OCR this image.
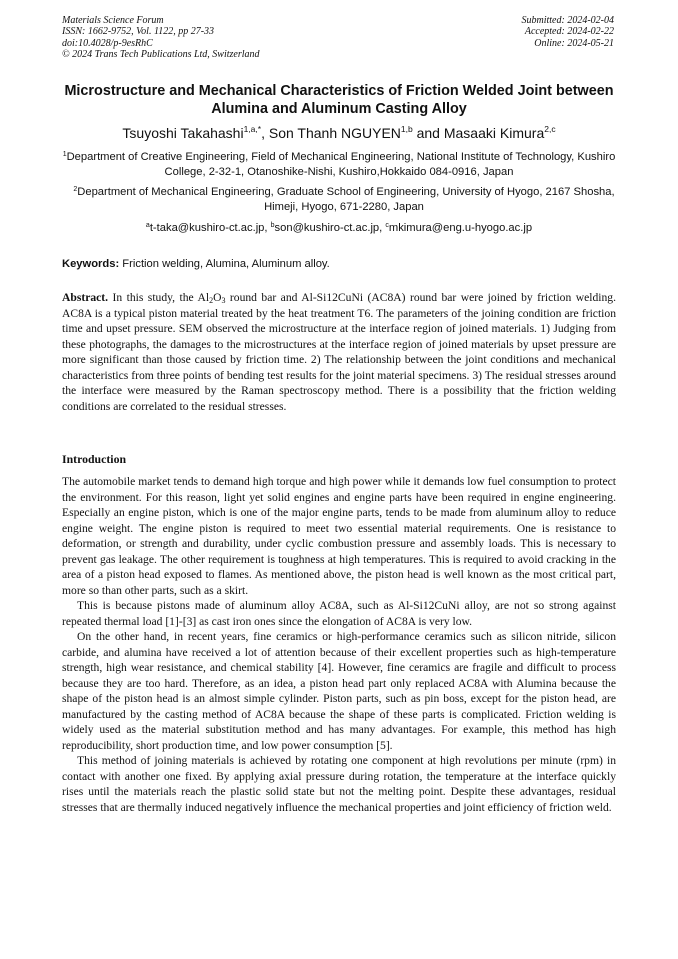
Materials Science Forum
ISSN: 1662-9752, Vol. 1122, pp 27-33
doi:10.4028/p-9esRhC
© 2024 Trans Tech Publications Ltd, Switzerland
Submitted: 2024-02-04
Accepted: 2024-02-22
Online: 2024-05-21
Microstructure and Mechanical Characteristics of Friction Welded Joint between Alumina and Aluminum Casting Alloy
Tsuyoshi Takahashi$^{1,a,*}$, Son Thanh NGUYEN$^{1,b}$ and Masaaki Kimura$^{2,c}$
$^1$Department of Creative Engineering, Field of Mechanical Engineering, National Institute of Technology, Kushiro College, 2-32-1, Otanoshike-Nishi, Kushiro,Hokkaido 084-0916, Japan
$^2$Department of Mechanical Engineering, Graduate School of Engineering, University of Hyogo, 2167 Shosha, Himeji, Hyogo, 671-2280, Japan
$^a$t-taka@kushiro-ct.ac.jp, $^b$son@kushiro-ct.ac.jp, $^c$mkimura@eng.u-hyogo.ac.jp
Keywords: Friction welding, Alumina, Aluminum alloy.
Abstract. In this study, the $Al_2O_3$ round bar and Al-Si12CuNi (AC8A) round bar were joined by friction welding. AC8A is a typical piston material treated by the heat treatment T6. The parameters of the joining condition are friction time and upset pressure. SEM observed the microstructure at the interface region of joined materials. 1) Judging from these photographs, the damages to the microstructures at the interface region of joined materials by upset pressure are more significant than those caused by friction time. 2) The relationship between the joint conditions and mechanical characteristics from three points of bending test results for the joint material specimens. 3) The residual stresses around the interface were measured by the Raman spectroscopy method. There is a possibility that the friction welding conditions are correlated to the residual stresses.
Introduction

The automobile market tends to demand high torque and high power while it demands low fuel consumption to protect the environment. For this reason, light yet solid engines and engine parts have been required in engine engineering. Especially an engine piston, which is one of the major engine parts, tends to be made from aluminum alloy to reduce engine weight. The engine piston is required to meet two essential material requirements. One is resistance to deformation, or strength and durability, under cyclic combustion pressure and assembly loads. This is necessary to prevent gas leakage. The other requirement is toughness at high temperatures. This is required to avoid cracking in the area of a piston head exposed to flames. As mentioned above, the piston head is well known as the most critical part, more so than other parts, such as a skirt.

This is because pistons made of aluminum alloy AC8A, such as Al-Si12CuNi alloy, are not so strong against repeated thermal load [1]-[3] as cast iron ones since the elongation of AC8A is very low.

On the other hand, in recent years, fine ceramics or high-performance ceramics such as silicon nitride, silicon carbide, and alumina have received a lot of attention because of their excellent properties such as high-temperature strength, high wear resistance, and chemical stability [4]. However, fine ceramics are fragile and difficult to process because they are too hard. Therefore, as an idea, a piston head part only replaced AC8A with Alumina because the shape of the piston head is an almost simple cylinder. Piston parts, such as pin boss, except for the piston head, are manufactured by the casting method of AC8A because the shape of these parts is complicated. Friction welding is widely used as the material substitution method and has many advantages. For example, this method has high reproducibility, short production time, and low power consumption [5].

This method of joining materials is achieved by rotating one component at high revolutions per minute (rpm) in contact with another one fixed. By applying axial pressure during rotation, the temperature at the interface quickly rises until the materials reach the plastic solid state but not the melting point. Despite these advantages, residual stresses that are thermally induced negatively influence the mechanical properties and joint efficiency of friction weld.
